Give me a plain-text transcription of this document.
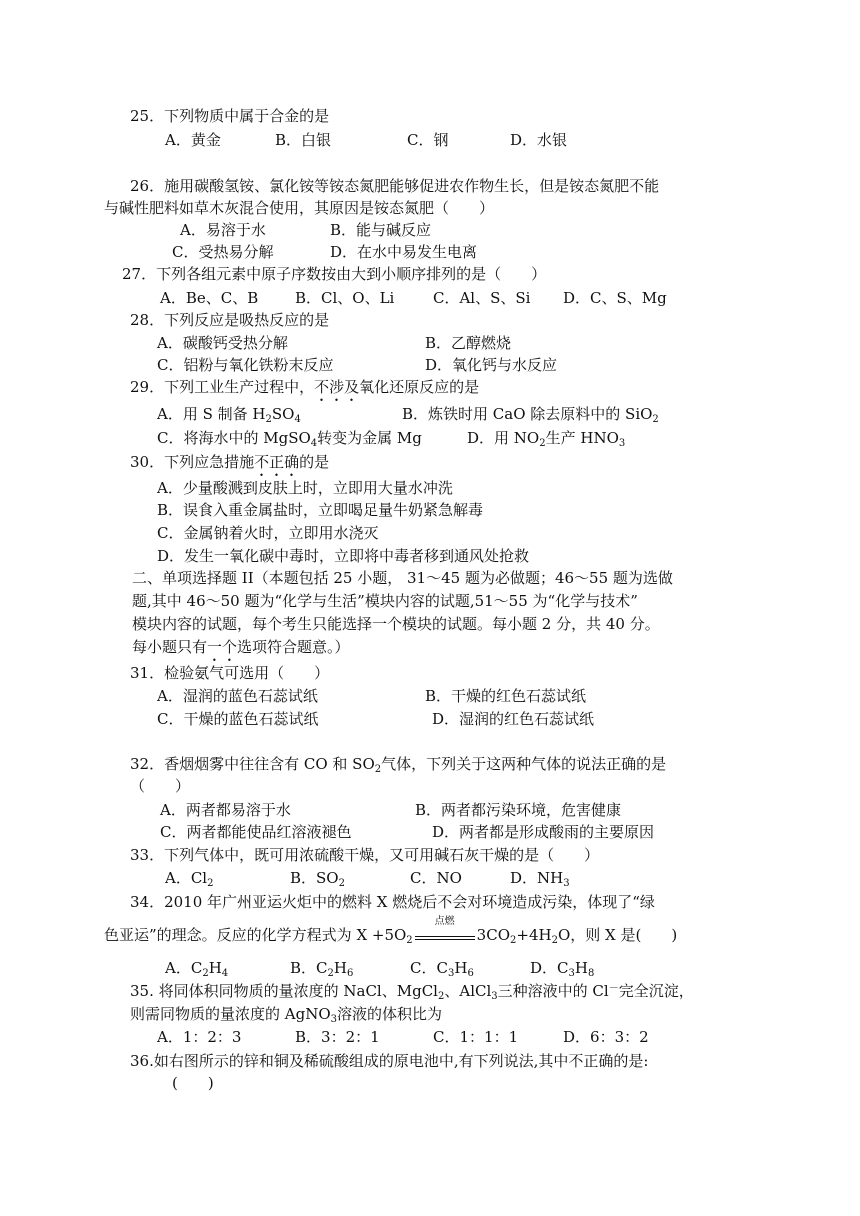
25．下列物质中属于合金的是
A．黄金	B．白银	C．钢	D．水银
26．施用碳酸氢铵、氯化铵等铵态氮肥能够促进农作物生长，但是铵态氮肥不能
与碱性肥料如草木灰混合使用，其原因是铵态氮肥（　　）
A．易溶于水	B．能与碱反应
C．受热易分解	D．在水中易发生电离
27．下列各组元素中原子序数按由大到小顺序排列的是（　　）
A．Be、C、B B．Cl、O、Li	C．Al、S、Si D．C、S、Mg
28．下列反应是吸热反应的是
A．碳酸钙受热分解	B．乙醇燃烧
C．铝粉与氧化铁粉末反应	D．氧化钙与水反应
29．下列工业生产过程中，不涉及氧化还原反应的是
A．用 S 制备 $H_2SO_4$	B．炼铁时用 CaO 除去原料中的 SiO$_2$
C．将海水中的 MgSO$_4$转变为金属 Mg	D．用 $NO_2$生产 $HNO_3$
30．下列应急措施不正确的是
A．少量酸溅到皮肤上时，立即用大量水冲洗
B．误食入重金属盐时，立即喝足量牛奶紧急解毒
C．金属钠着火时，立即用水浇灭
D．发生一氧化碳中毒时，立即将中毒者移到通风处抢救
二、单项选择题 II（本题包括 25 小题， 31～45 题为必做题；46～55 题为选做
题,其中 46～50 题为“化学与生活”模块内容的试题,51～55 为“化学与技术”
模块内容的试题，每个考生只能选择一个模块的试题。每小题 2 分，共 40 分。
每小题只有一个选项符合题意。）
31．检验氨气可选用（　　）
A．湿润的蓝色石蕊试纸	B．干燥的红色石蕊试纸
C．干燥的蓝色石蕊试纸	D．湿润的红色石蕊试纸
32．香烟烟雾中往往含有 CO 和 $SO_2$气体，下列关于这两种气体的说法正确的是
（　　）
A．两者都易溶于水	B．两者都污染环境，危害健康
C．两者都能使品红溶液褪色	D．两者都是形成酸雨的主要原因
33．下列气体中，既可用浓硫酸干燥，又可用碱石灰干燥的是（　　）
A．$Cl_2$	B．$SO_2$	C．NO	D．$NH_3$
34．2010 年广州亚运火炬中的燃料 X 燃烧后不会对环境造成污染，体现了“绿
色亚运”的理念。反应的化学方程式为 $X +5O_2$
点燃
$3CO_2+4H_2O$，则 X 是(　　)
A．$C_2H_4$	B．$C_2H_6$	C．$C_3H_6$	D．$C_3H_8$
35. 将同体积同物质的量浓度的 NaCl、MgCl$_2$、AlCl$_3$三种溶液中的 Cl－完全沉淀，
则需同物质的量浓度的 AgNO$_3$溶液的体积比为
A．1：2：3	B．3：2：1	C．1：1：1	D．6：3：2
36.如右图所示的锌和铜及稀硫酸组成的原电池中,有下列说法,其中不正确的是:
(　　)
